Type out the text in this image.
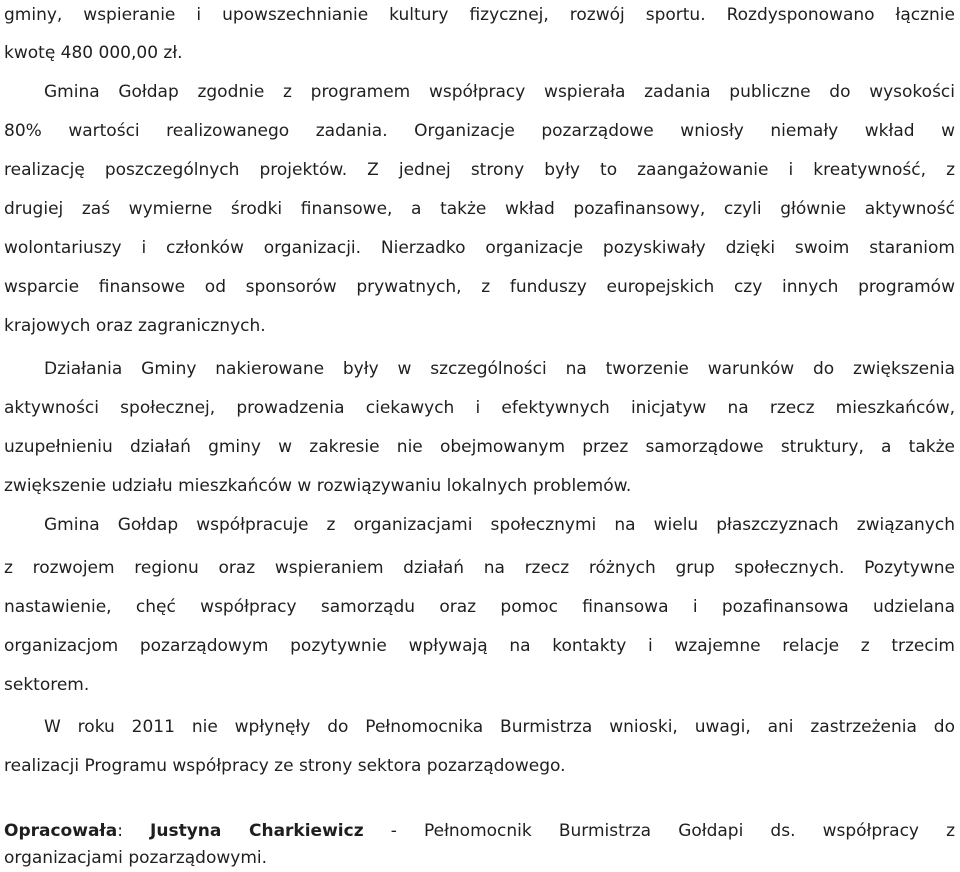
gminy, wspieranie i upowszechnianie kultury fizycznej, rozwój sportu. Rozdysponowano łącznie
kwotę 480 000,00 zł.
Gmina Gołdap zgodnie z programem współpracy wspierała zadania publiczne do wysokości
80% wartości realizowanego zadania. Organizacje pozarządowe wniosły niemały wkład w
realizację poszczególnych projektów. Z jednej strony były to zaangażowanie i kreatywność, z
drugiej zaś wymierne środki finansowe, a także wkład pozafinansowy, czyli głównie aktywność
wolontariuszy i członków organizacji. Nierzadko organizacje pozyskiwały dzięki swoim staraniom
wsparcie finansowe od sponsorów prywatnych, z funduszy europejskich czy innych programów
krajowych oraz zagranicznych.
Działania Gminy nakierowane były w szczególności na tworzenie warunków do zwiększenia
aktywności społecznej, prowadzenia ciekawych i efektywnych inicjatyw na rzecz mieszkańców,
uzupełnieniu działań gminy w zakresie nie obejmowanym przez samorządowe struktury, a także
zwiększenie udziału mieszkańców w rozwiązywaniu lokalnych problemów.
Gmina Gołdap współpracuje z organizacjami społecznymi na wielu płaszczyznach związanych
z rozwojem regionu oraz wspieraniem działań na rzecz różnych grup społecznych. Pozytywne
nastawienie, chęć współpracy samorządu oraz pomoc finansowa i pozafinansowa udzielana
organizacjom pozarządowym pozytywnie wpływają na kontakty i wzajemne relacje z trzecim
sektorem.
W roku 2011 nie wpłynęły do Pełnomocnika Burmistrza wnioski, uwagi, ani zastrzeżenia do
realizacji Programu współpracy ze strony sektora pozarządowego.
Opracowała: Justyna Charkiewicz - Pełnomocnik Burmistrza Gołdapi ds. współpracy z
organizacjami pozarządowymi.
